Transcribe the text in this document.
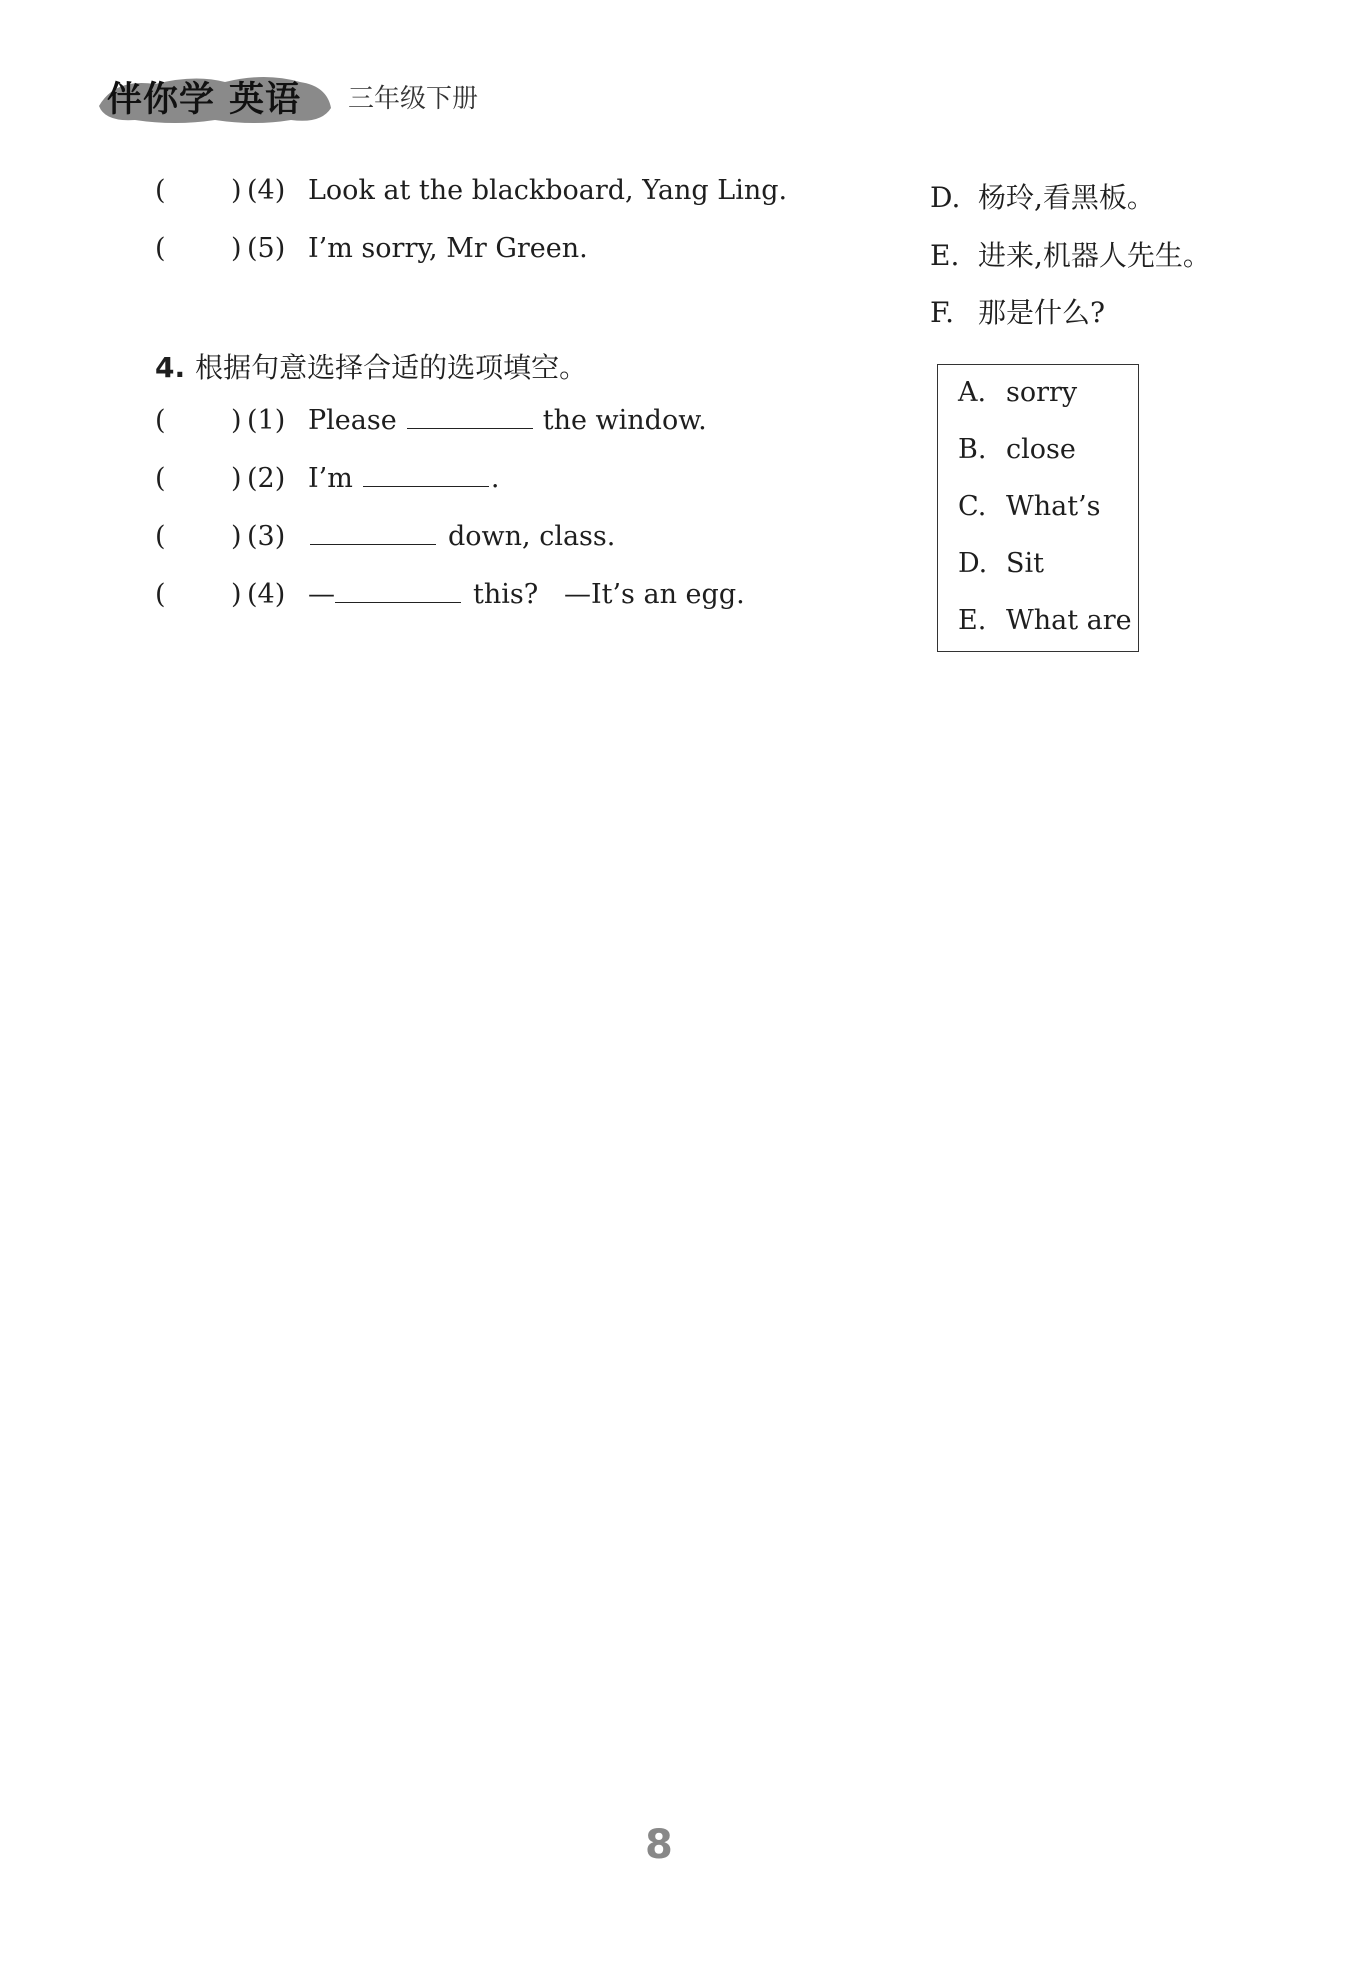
伴你学 英语 三年级下册
( ) (4) Look at the blackboard, Yang Ling.
( ) (5) I’m sorry, Mr Green.
D. 杨玲,看黑板。
E. 进来,机器人先生。
F. 那是什么?
4. 根据句意选择合适的选项填空。
( ) (1) Please	the window.
( ) (2) I’m	.
( ) (3)	down, class.
( ) (4) —	this?   —It’s an egg.
A. sorry
B. close
C. What’s
D. Sit
E. What are
8
